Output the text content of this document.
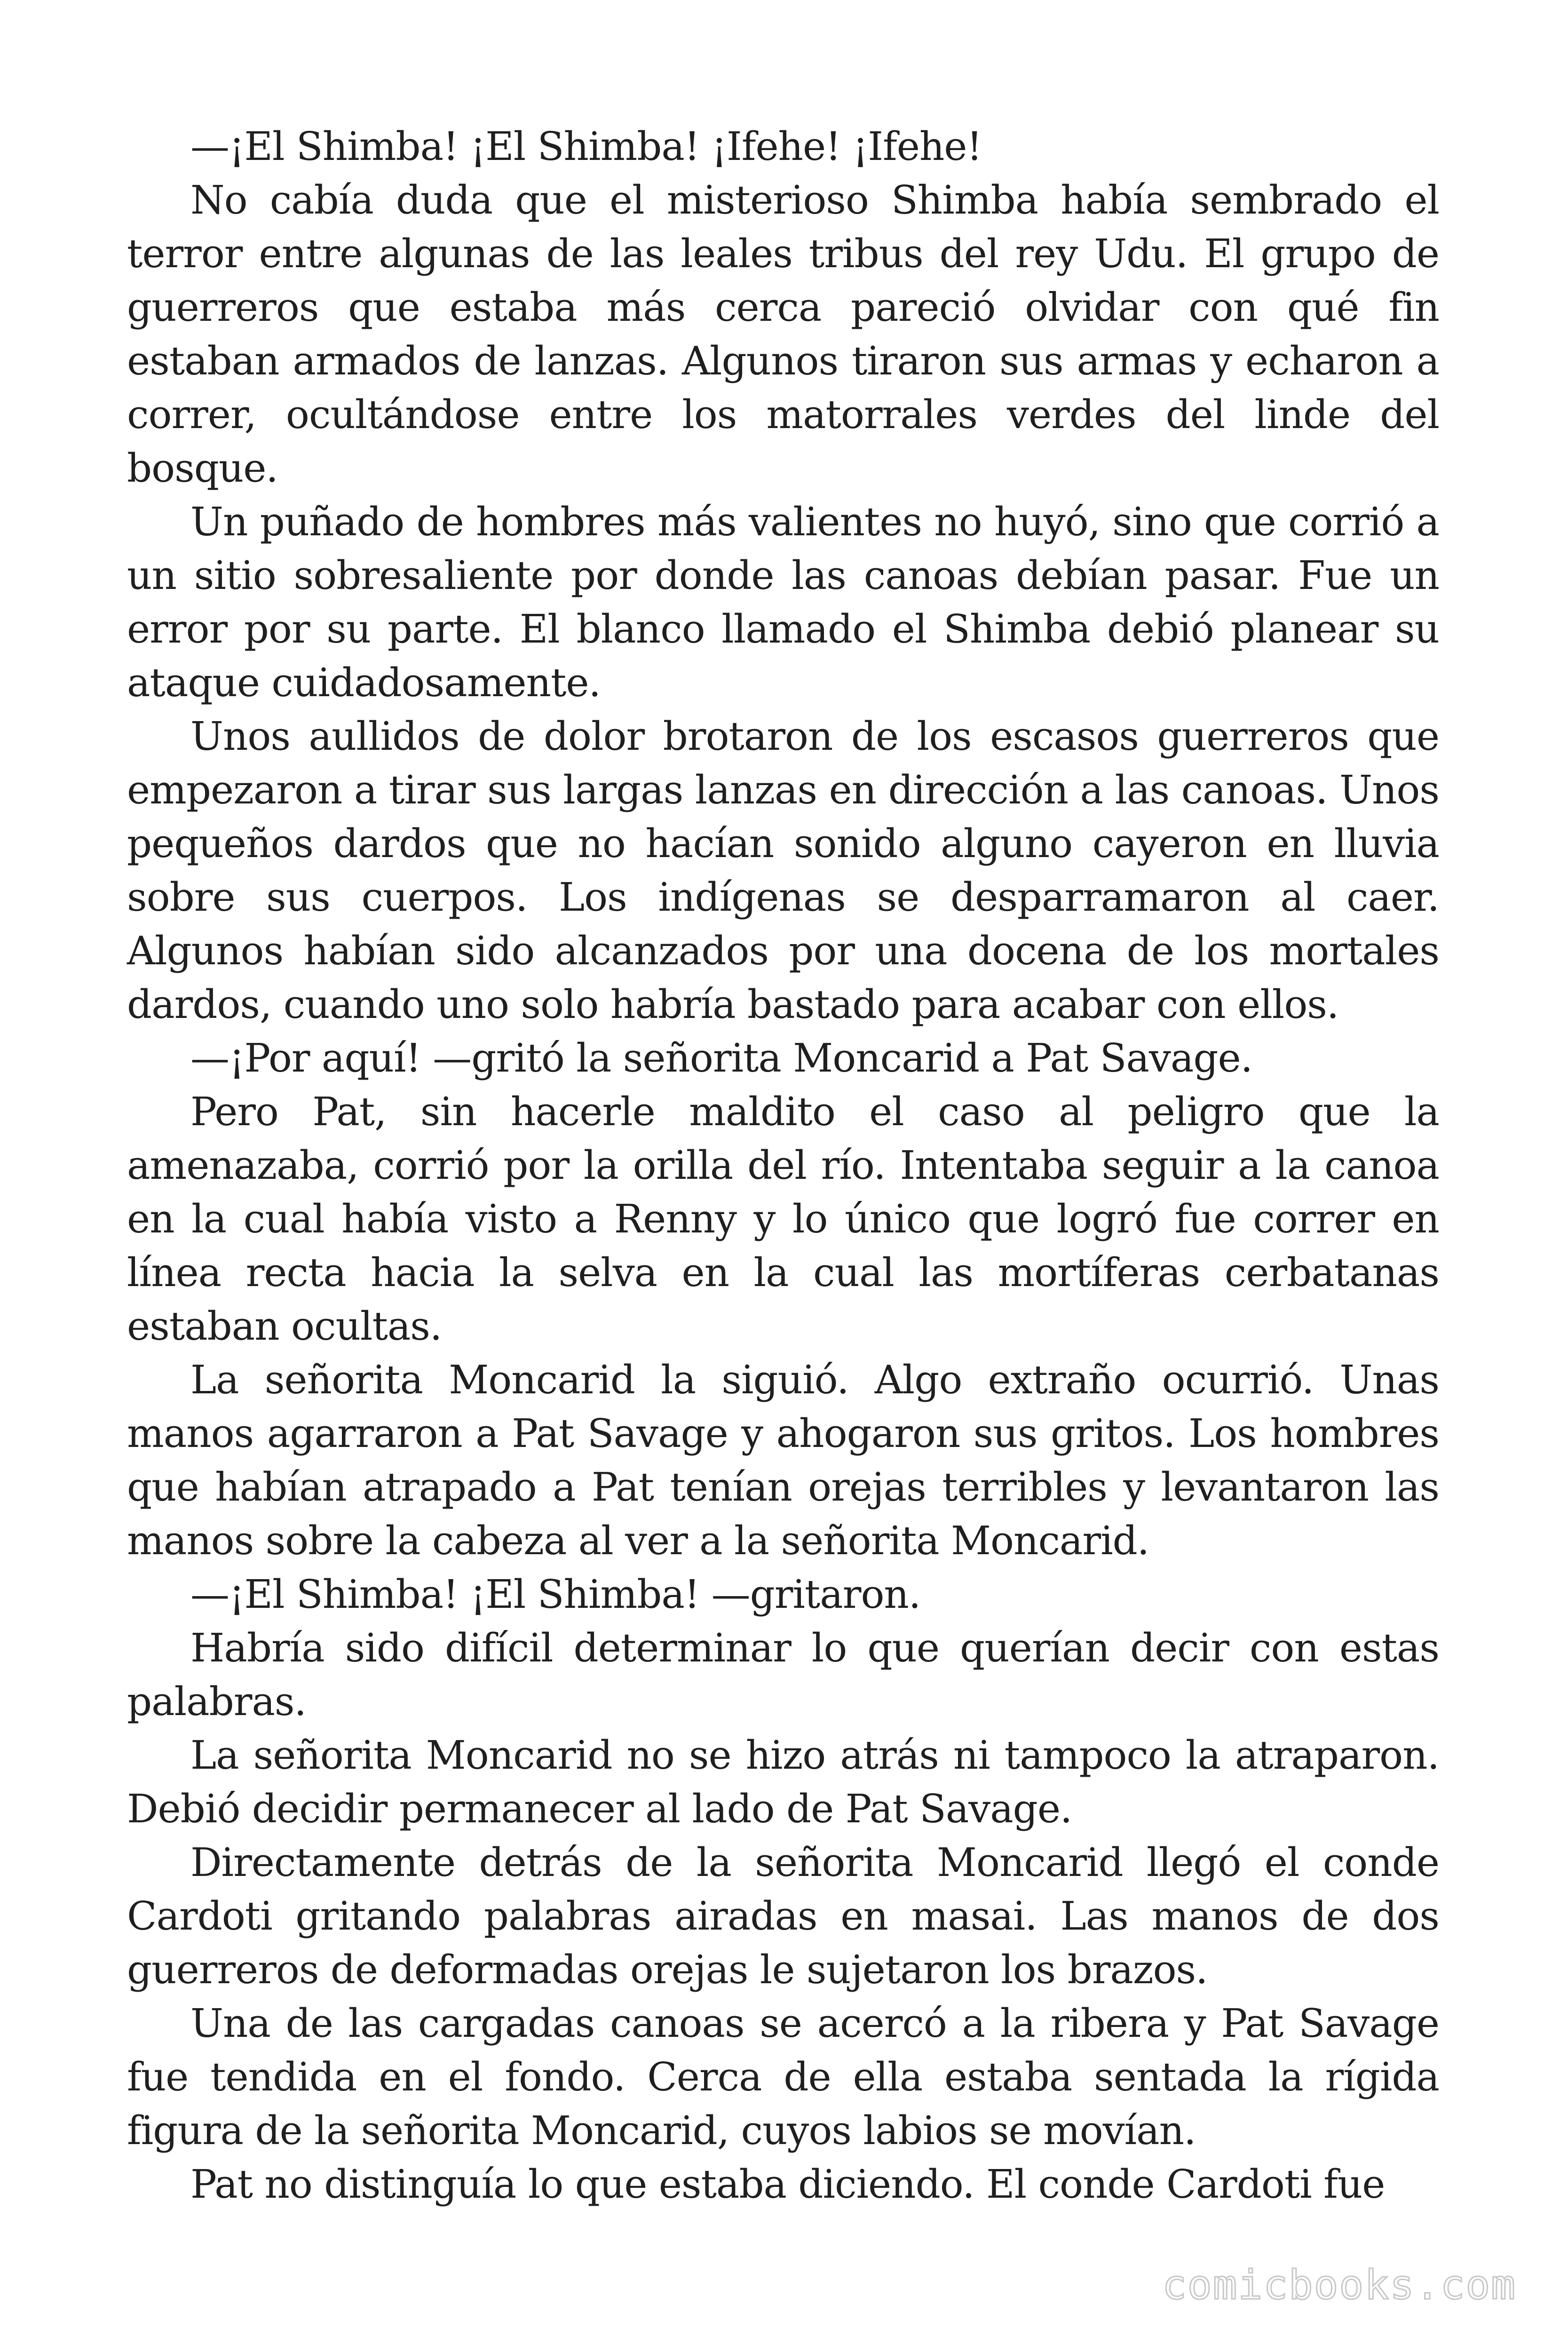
—¡El Shimba! ¡El Shimba! ¡Ifehe! ¡Ifehe!

No cabía duda que el misterioso Shimba había sembrado el terror entre algunas de las leales tribus del rey Udu. El grupo de guerreros que estaba más cerca pareció olvidar con qué fin estaban armados de lanzas. Algunos tiraron sus armas y echaron a correr, ocultándose entre los matorrales verdes del linde del bosque.

Un puñado de hombres más valientes no huyó, sino que corrió a un sitio sobresaliente por donde las canoas debían pasar. Fue un error por su parte. El blanco llamado el Shimba debió planear su ataque cuidadosamente.

Unos aullidos de dolor brotaron de los escasos guerreros que empezaron a tirar sus largas lanzas en dirección a las canoas. Unos pequeños dardos que no hacían sonido alguno cayeron en lluvia sobre sus cuerpos. Los indígenas se desparramaron al caer. Algunos habían sido alcanzados por una docena de los mortales dardos, cuando uno solo habría bastado para acabar con ellos.

—¡Por aquí! —gritó la señorita Moncarid a Pat Savage.

Pero Pat, sin hacerle maldito el caso al peligro que la amenazaba, corrió por la orilla del río. Intentaba seguir a la canoa en la cual había visto a Renny y lo único que logró fue correr en línea recta hacia la selva en la cual las mortíferas cerbatanas estaban ocultas.

La señorita Moncarid la siguió. Algo extraño ocurrió. Unas manos agarraron a Pat Savage y ahogaron sus gritos. Los hombres que habían atrapado a Pat tenían orejas terribles y levantaron las manos sobre la cabeza al ver a la señorita Moncarid.

—¡El Shimba! ¡El Shimba! —gritaron.

Habría sido difícil determinar lo que querían decir con estas palabras.

La señorita Moncarid no se hizo atrás ni tampoco la atraparon. Debió decidir permanecer al lado de Pat Savage.

Directamente detrás de la señorita Moncarid llegó el conde Cardoti gritando palabras airadas en masai. Las manos de dos guerreros de deformadas orejas le sujetaron los brazos.

Una de las cargadas canoas se acercó a la ribera y Pat Savage fue tendida en el fondo. Cerca de ella estaba sentada la rígida figura de la señorita Moncarid, cuyos labios se movían.

Pat no distinguía lo que estaba diciendo. El conde Cardoti fue

comicbooks.com
